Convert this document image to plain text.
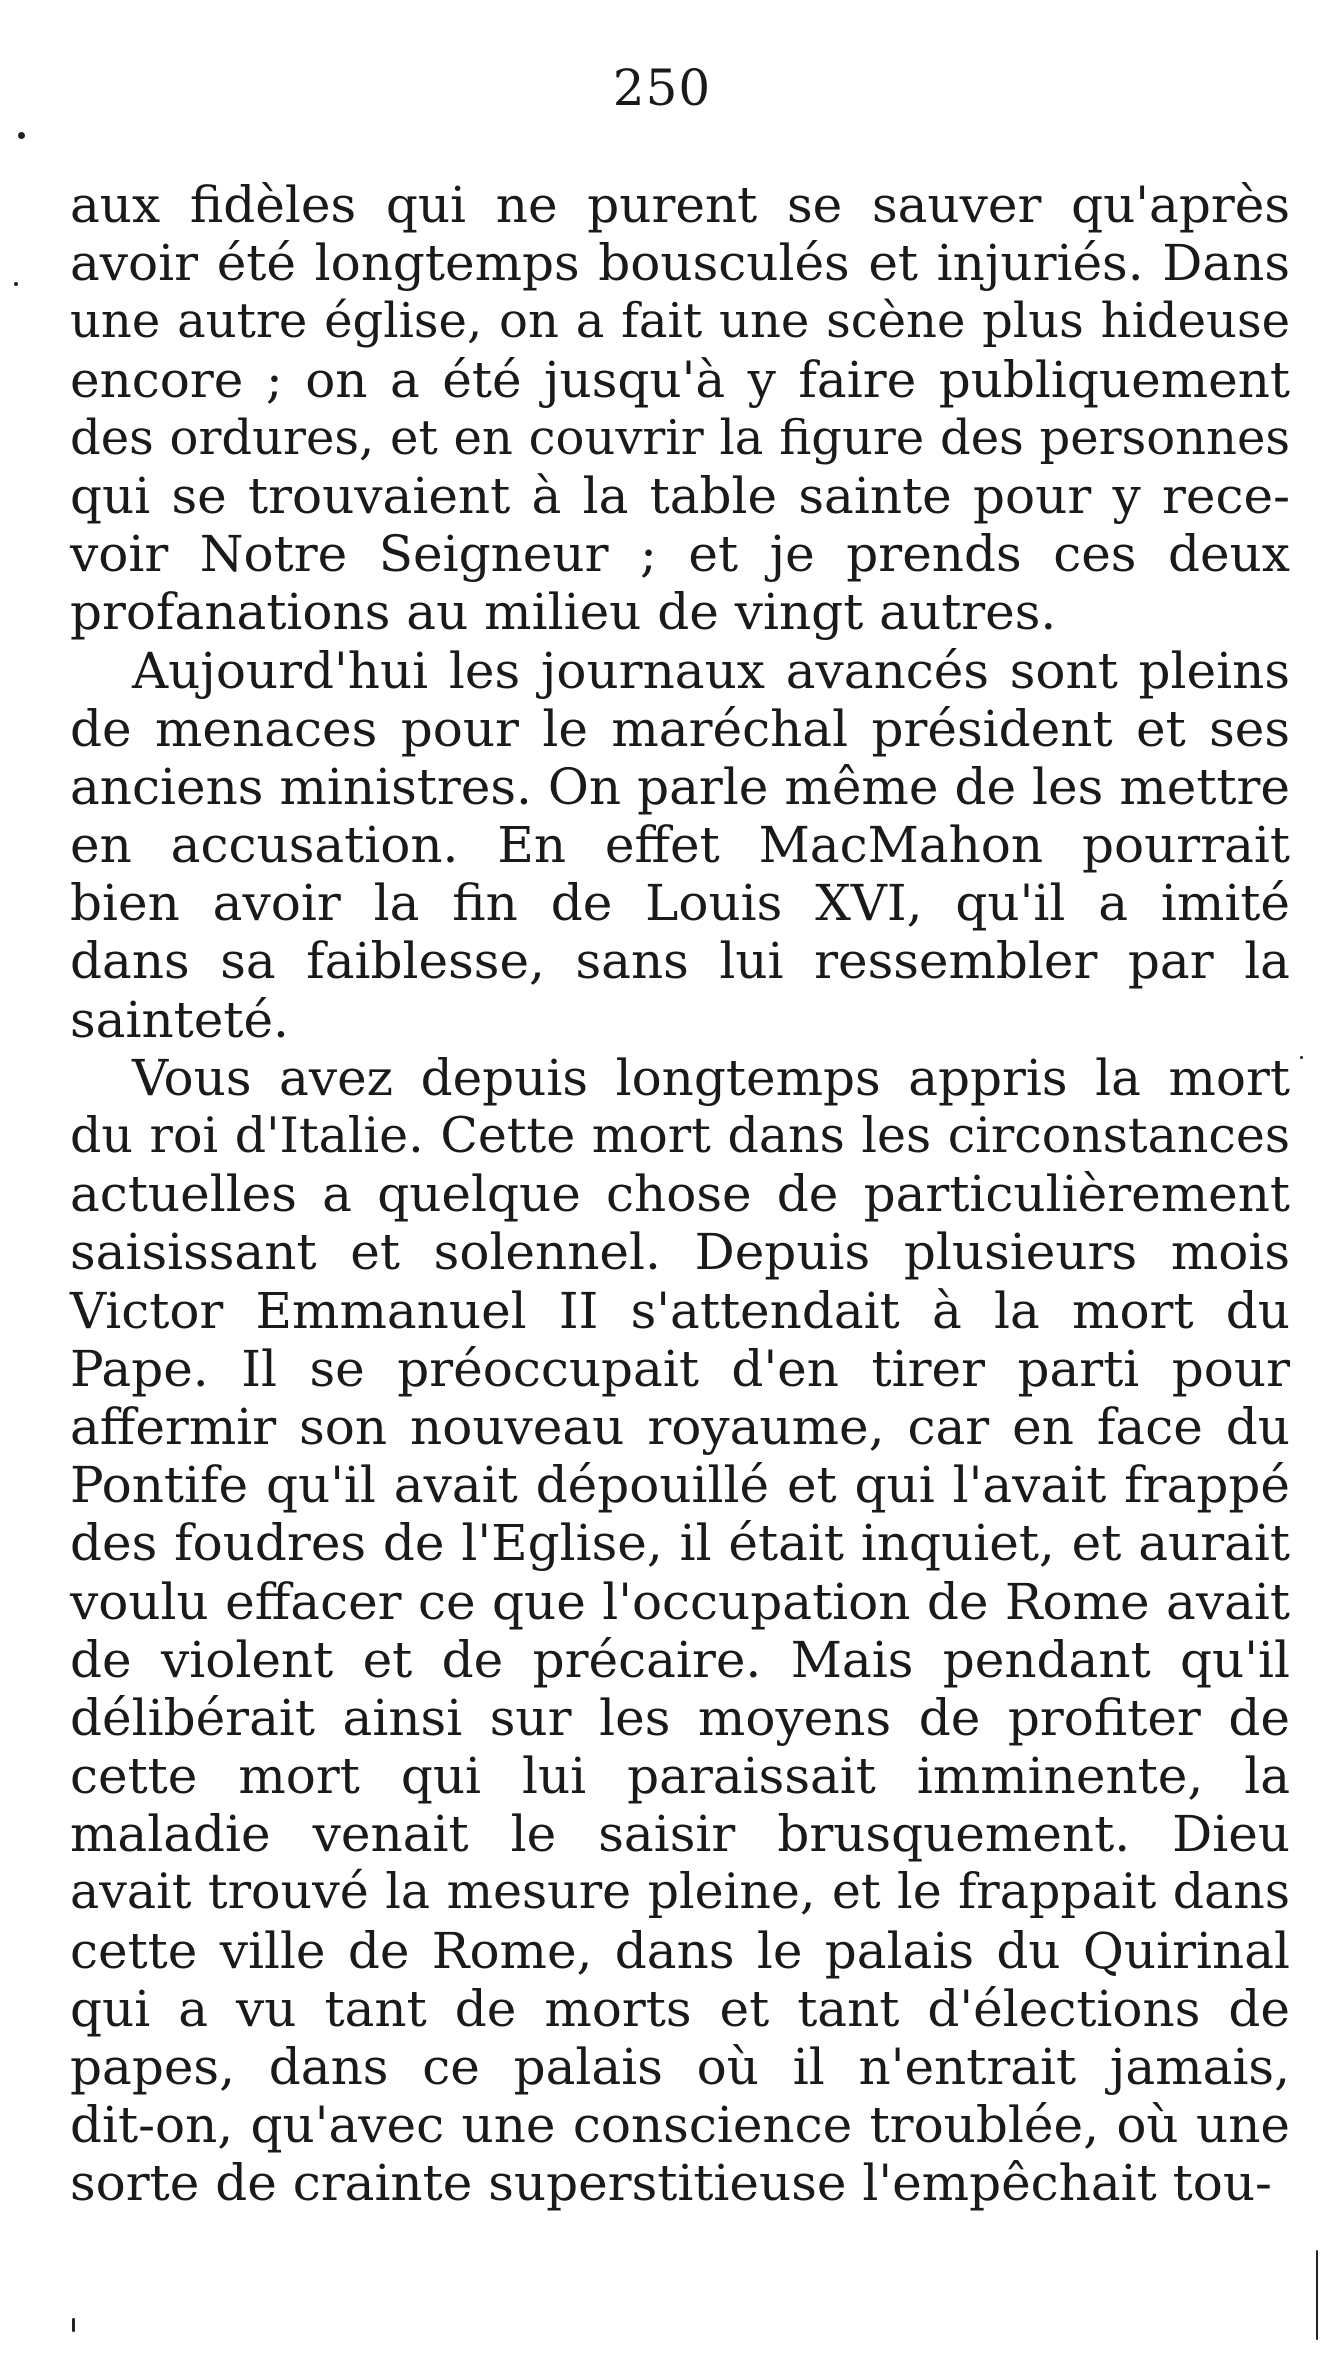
250
aux fidèles qui ne purent se sauver qu'après
avoir été longtemps bousculés et injuriés. Dans
une autre église, on a fait une scène plus hideuse
encore ; on a été jusqu'à y faire publiquement
des ordures, et en couvrir la figure des personnes
qui se trouvaient à la table sainte pour y rece-
voir Notre Seigneur ; et je prends ces deux
profanations au milieu de vingt autres.
Aujourd'hui les journaux avancés sont pleins
de menaces pour le maréchal président et ses
anciens ministres. On parle même de les mettre
en accusation. En effet MacMahon pourrait
bien avoir la fin de Louis XVI, qu'il a imité
dans sa faiblesse, sans lui ressembler par la
sainteté.
Vous avez depuis longtemps appris la mort
du roi d'Italie. Cette mort dans les circonstances
actuelles a quelque chose de particulièrement
saisissant et solennel. Depuis plusieurs mois
Victor Emmanuel II s'attendait à la mort du
Pape. Il se préoccupait d'en tirer parti pour
affermir son nouveau royaume, car en face du
Pontife qu'il avait dépouillé et qui l'avait frappé
des foudres de l'Eglise, il était inquiet, et aurait
voulu effacer ce que l'occupation de Rome avait
de violent et de précaire. Mais pendant qu'il
délibérait ainsi sur les moyens de profiter de
cette mort qui lui paraissait imminente, la
maladie venait le saisir brusquement. Dieu
avait trouvé la mesure pleine, et le frappait dans
cette ville de Rome, dans le palais du Quirinal
qui a vu tant de morts et tant d'élections de
papes, dans ce palais où il n'entrait jamais,
dit-on, qu'avec une conscience troublée, où une
sorte de crainte superstitieuse l'empêchait tou-
